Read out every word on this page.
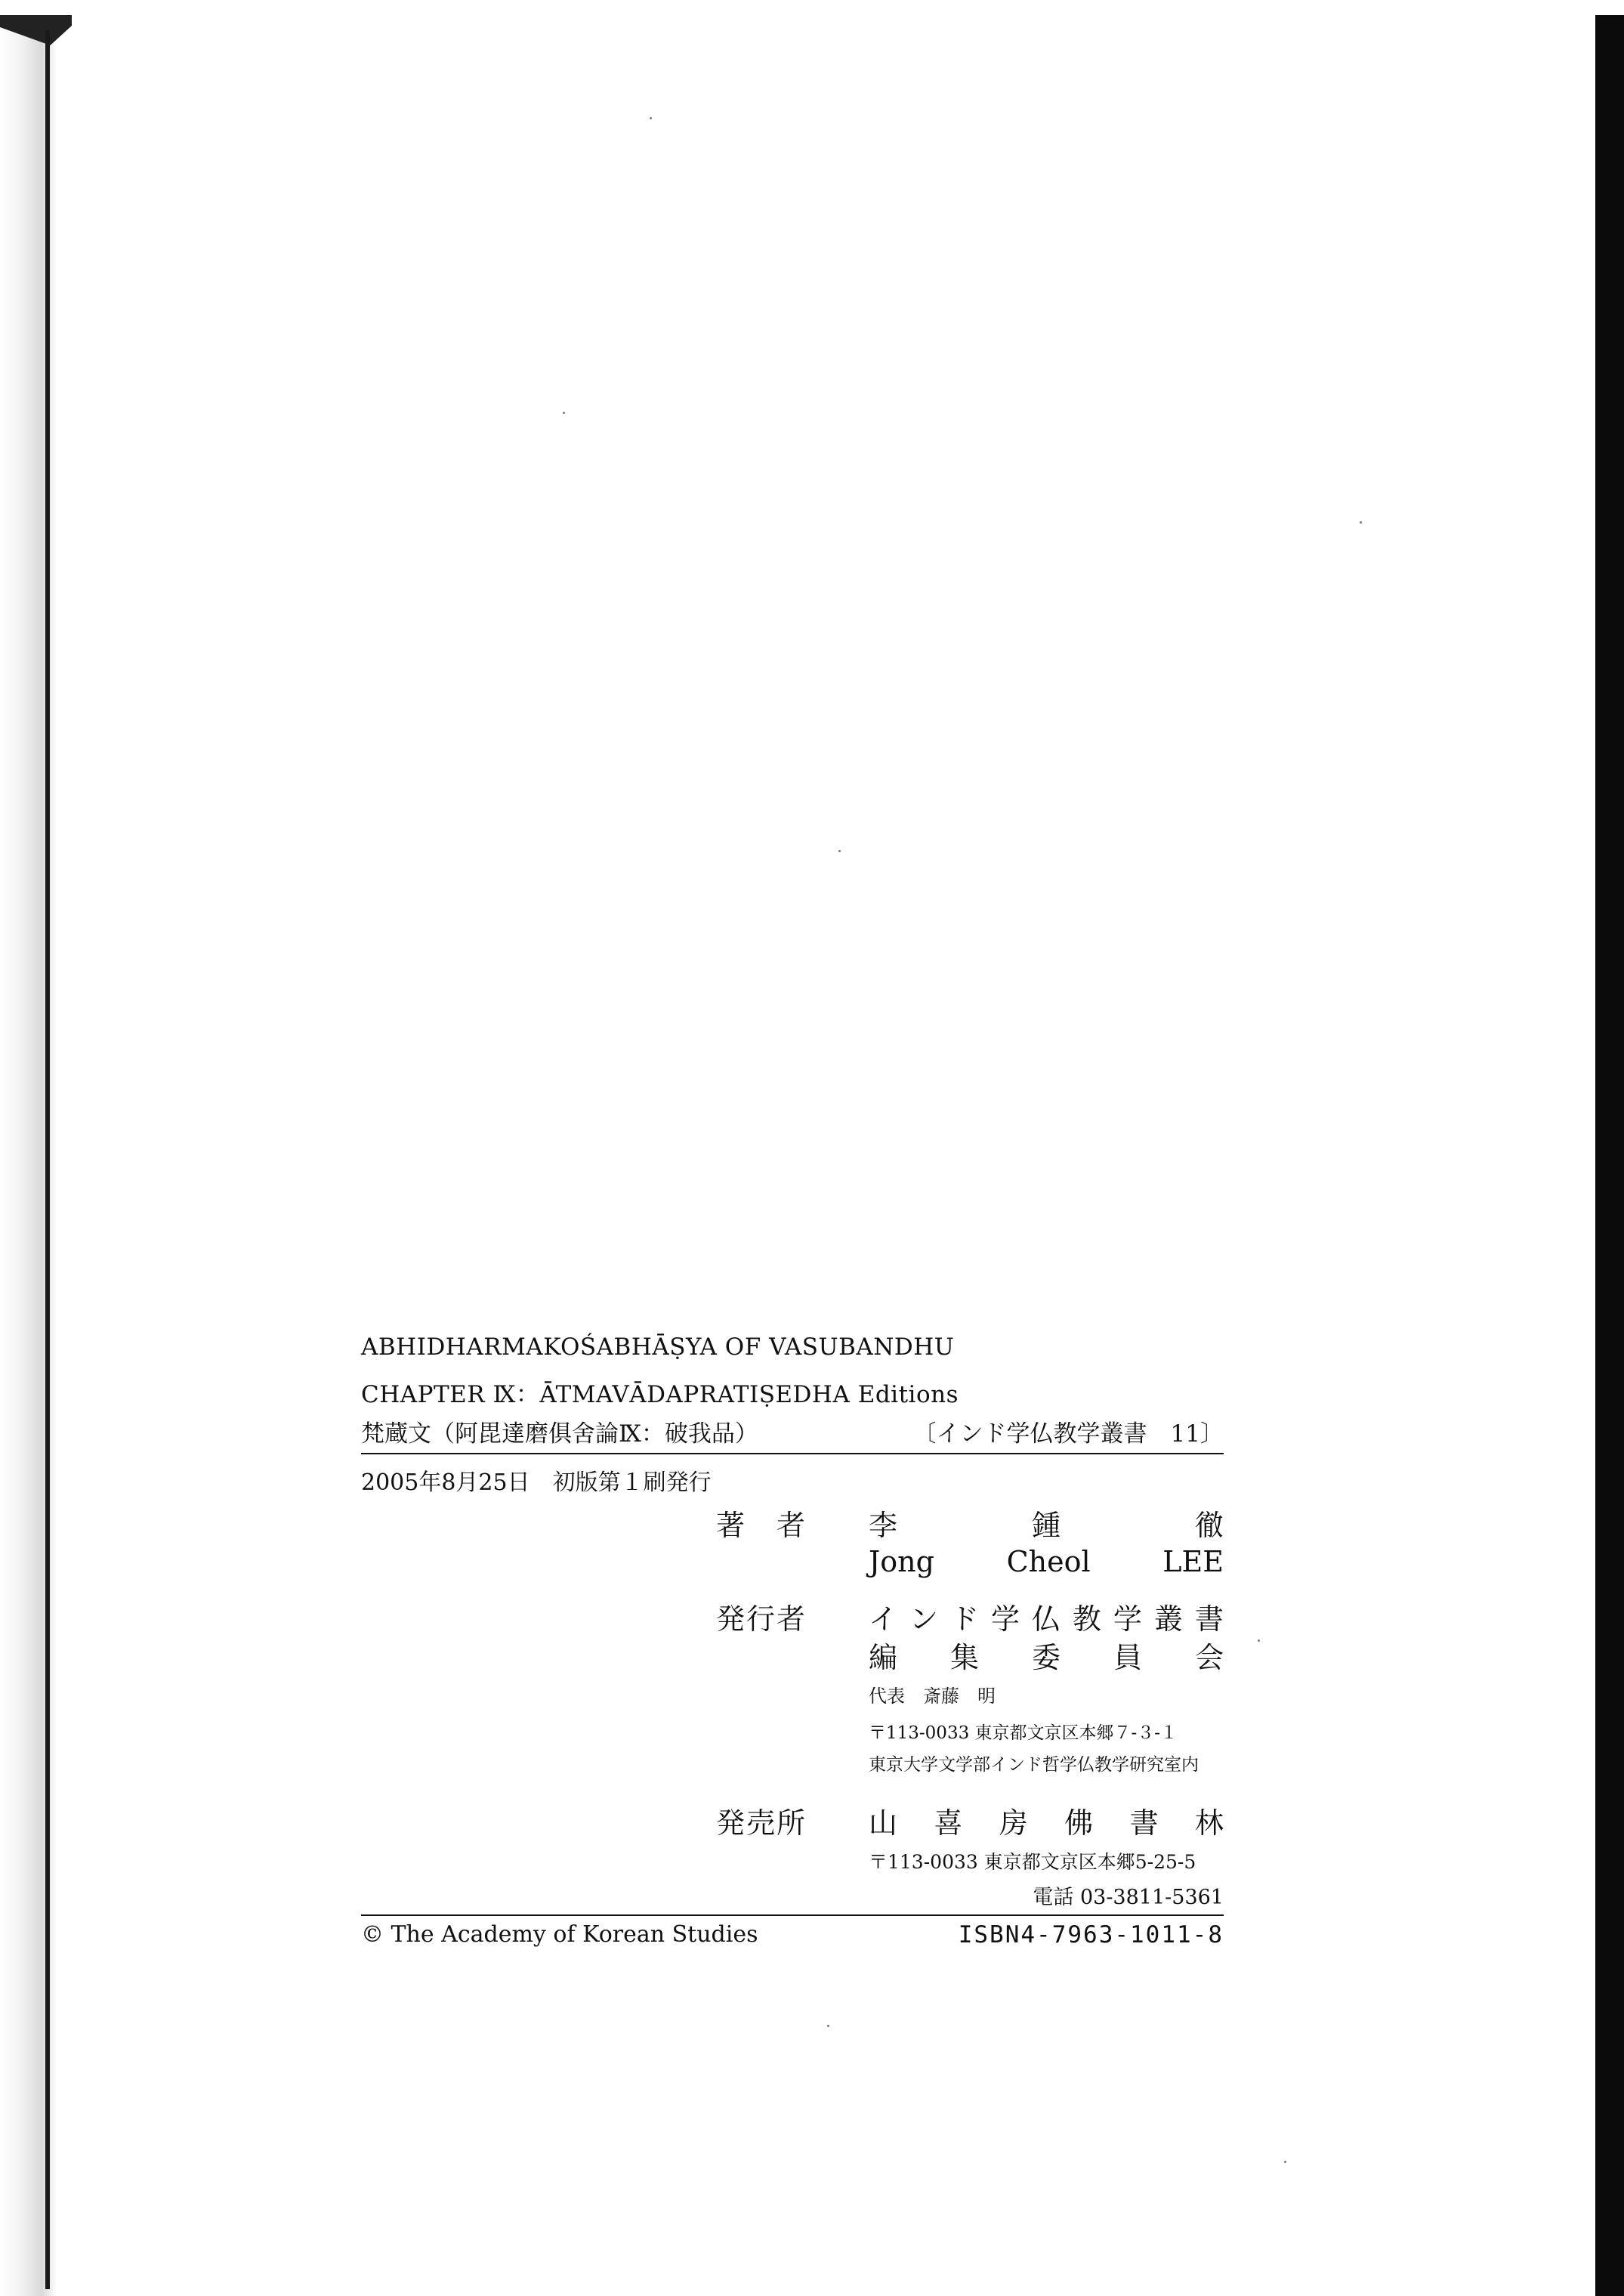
ABHIDHARMAKOŚABHĀṢYA OF VASUBANDHU
CHAPTER Ⅸ：ĀTMAVĀDAPRATIṢEDHA Editions
梵蔵文（阿毘達磨俱舍論Ⅸ：破我品）	〔インド学仏教学叢書　11〕
2005年8月25日　初版第１刷発行
著　者 李	鍾	徹
Jong	Cheol	LEE
発行者 イ ン ド 学 仏 教 学 叢 書
編 集 委 員 会
代表　斎藤　明
〒113-0033 東京都文京区本郷７-３-１
東京大学文学部インド哲学仏教学研究室内
発売所 山 喜 房 佛 書 林
〒113-0033 東京都文京区本郷5-25-5
電話 03-3811-5361
© The Academy of Korean Studies	ISBN4-7963-1011-8
